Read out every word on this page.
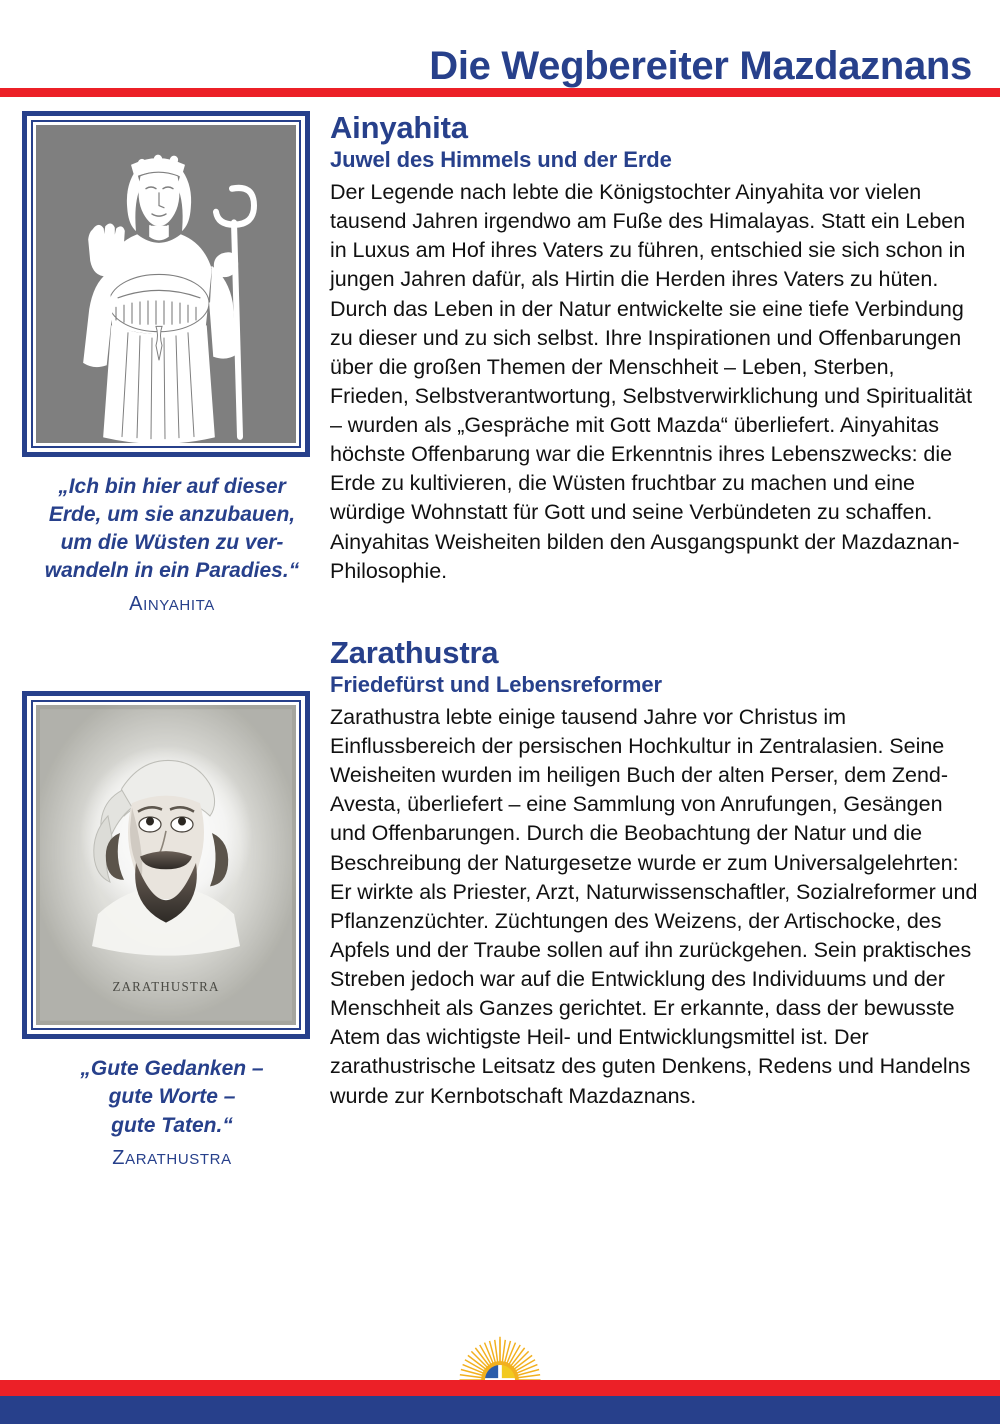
Die Wegbereiter Mazdaznans
„Ich bin hier auf dieser
Erde, um sie anzubauen,
um die Wüsten zu ver-
wandeln in ein Paradies.“
AINYAHITA
ZARATHUSTRA
„Gute Gedanken –
gute Worte –
gute Taten.“
ZARATHUSTRA
Ainyahita
Juwel des Himmels und der Erde

Der Legende nach lebte die Königstochter Ainyahita vor vielen tausend Jahren irgendwo am Fuße des Himalayas. Statt ein Leben in Luxus am Hof ihres Vaters zu führen, entschied sie sich schon in jungen Jahren dafür, als Hirtin die Herden ihres Vaters zu hüten. Durch das Leben in der Natur entwickelte sie eine tiefe Verbindung zu dieser und zu sich selbst. Ihre Inspirationen und Offenbarungen über die großen Themen der Menschheit – Leben, Sterben, Frieden, Selbstverantwortung, Selbstverwirklichung und Spiritualität – wurden als „Gespräche mit Gott Mazda“ überliefert. Ainyahitas höchste Offenbarung war die Erkenntnis ihres Lebenszwecks: die Erde zu kultivieren, die Wüsten fruchtbar zu machen und eine würdige Wohnstatt für Gott und seine Verbündeten zu schaffen. Ainyahitas Weisheiten bilden den Ausgangspunkt der Mazdaznan-Philosophie.

Zarathustra
Friedefürst und Lebensreformer

Zarathustra lebte einige tausend Jahre vor Christus im Einflussbereich der persischen Hochkultur in Zentralasien. Seine Weisheiten wurden im heiligen Buch der alten Perser, dem Zend-Avesta, überliefert – eine Sammlung von Anrufungen, Gesängen und Offenbarungen. Durch die Beobachtung der Natur und die Beschreibung der Naturgesetze wurde er zum Universalgelehrten: Er wirkte als Priester, Arzt, Naturwissenschaftler, Sozialreformer und Pflanzenzüchter. Züchtungen des Weizens, der Artischocke, des Apfels und der Traube sollen auf ihn zurückgehen. Sein praktisches Streben jedoch war auf die Entwicklung des Individuums und der Menschheit als Ganzes gerichtet. Er erkannte, dass der bewusste Atem das wichtigste Heil- und Entwicklungsmittel ist. Der zarathustrische Leitsatz des guten Denkens, Redens und Handelns wurde zur Kernbotschaft Mazdaznans.
